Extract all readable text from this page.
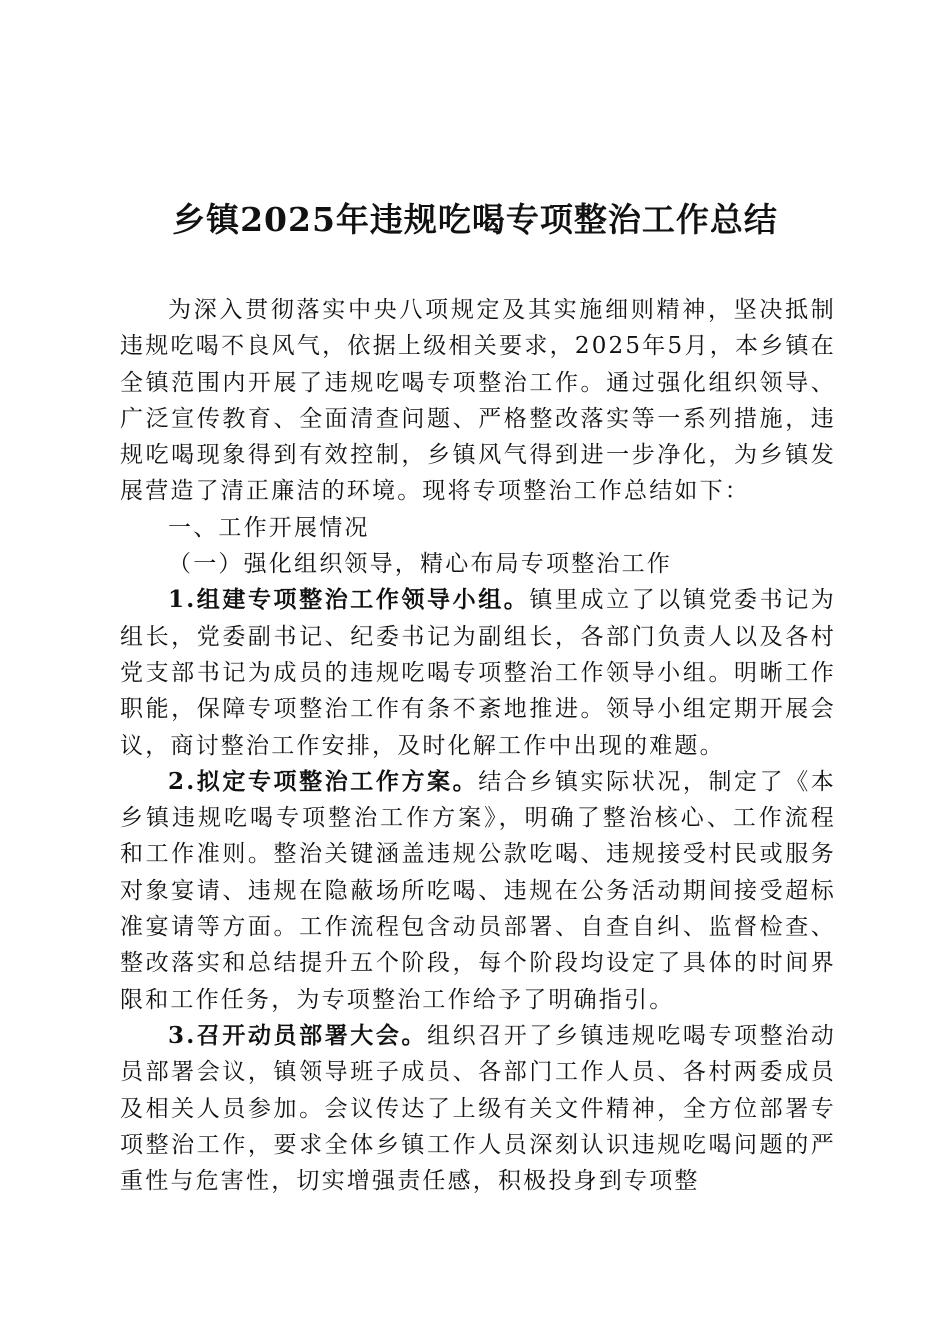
乡镇2025年违规吃喝专项整治工作总结

为深入贯彻落实中央八项规定及其实施细则精神，坚决抵制违规吃喝不良风气，依据上级相关要求，2025年5月，本乡镇在全镇范围内开展了违规吃喝专项整治工作。通过强化组织领导、广泛宣传教育、全面清查问题、严格整改落实等一系列措施，违规吃喝现象得到有效控制，乡镇风气得到进一步净化，为乡镇发展营造了清正廉洁的环境。现将专项整治工作总结如下：

一、工作开展情况

（一）强化组织领导，精心布局专项整治工作

1.组建专项整治工作领导小组。镇里成立了以镇党委书记为组长，党委副书记、纪委书记为副组长，各部门负责人以及各村党支部书记为成员的违规吃喝专项整治工作领导小组。明晰工作职能，保障专项整治工作有条不紊地推进。领导小组定期开展会议，商讨整治工作安排，及时化解工作中出现的难题。

2.拟定专项整治工作方案。结合乡镇实际状况，制定了《本乡镇违规吃喝专项整治工作方案》，明确了整治核心、工作流程和工作准则。整治关键涵盖违规公款吃喝、违规接受村民或服务对象宴请、违规在隐蔽场所吃喝、违规在公务活动期间接受超标准宴请等方面。工作流程包含动员部署、自查自纠、监督检查、整改落实和总结提升五个阶段，每个阶段均设定了具体的时间界限和工作任务，为专项整治工作给予了明确指引。

3.召开动员部署大会。组织召开了乡镇违规吃喝专项整治动员部署会议，镇领导班子成员、各部门工作人员、各村两委成员及相关人员参加。会议传达了上级有关文件精神，全方位部署专项整治工作，要求全体乡镇工作人员深刻认识违规吃喝问题的严重性与危害性，切实增强责任感，积极投身到专项整
